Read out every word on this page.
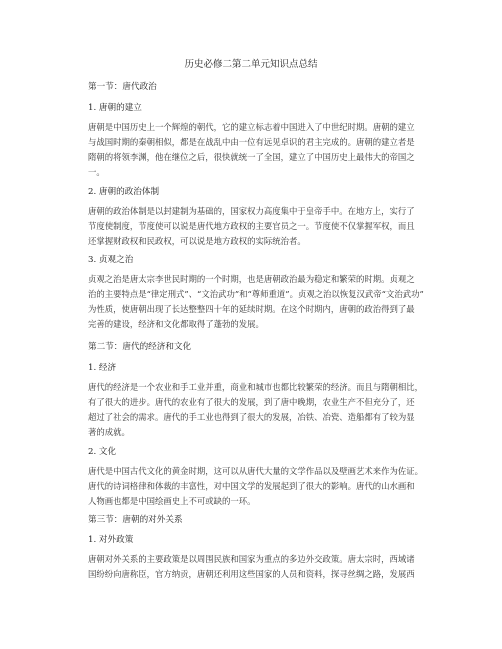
历史必修二第二单元知识点总结
第一节：唐代政治
1. 唐朝的建立
唐朝是中国历史上一个辉煌的朝代，它的建立标志着中国进入了中世纪时期。唐朝的建立
与战国时期的秦朝相似，都是在战乱中由一位有远见卓识的君主完成的。唐朝的建立者是
隋朝的将领李渊，他在继位之后，很快就统一了全国，建立了中国历史上最伟大的帝国之
一。
2. 唐朝的政治体制
唐朝的政治体制是以封建制为基础的，国家权力高度集中于皇帝手中。在地方上，实行了
节度使制度，节度使可以说是唐代地方政权的主要官员之一。节度使不仅掌握军权，而且
还掌握财政权和民政权，可以说是地方政权的实际统治者。
3. 贞观之治
贞观之治是唐太宗李世民时期的一个时期，也是唐朝政治最为稳定和繁荣的时期。贞观之
治的主要特点是“律定刑式”、“文治武功”和“尊师重道”。贞观之治以恢复汉武帝“文治武功”
为性质，使唐朝出现了长达整整四十年的延续时期。在这个时期内，唐朝的政治得到了最
完善的建设，经济和文化都取得了蓬勃的发展。
第二节：唐代的经济和文化
1. 经济
唐代的经济是一个农业和手工业并重，商业和城市也都比较繁荣的经济。而且与隋朝相比，
有了很大的进步。唐代的农业有了很大的发展，到了唐中晚期，农业生产不但充分了，还
超过了社会的需求。唐代的手工业也得到了很大的发展，冶铁、冶瓷、造船都有了较为显
著的成就。
2. 文化
唐代是中国古代文化的黄金时期，这可以从唐代大量的文学作品以及壁画艺术来作为佐证。
唐代的诗词格律和体裁的丰富性，对中国文学的发展起到了很大的影响。唐代的山水画和
人物画也都是中国绘画史上不可或缺的一环。
第三节：唐朝的对外关系
1. 对外政策
唐朝对外关系的主要政策是以周围民族和国家为重点的多边外交政策。唐太宗时，西域诸
国纷纷向唐称臣，官方纳贡，唐朝还利用这些国家的人员和资料，探寻丝绸之路，发展西
